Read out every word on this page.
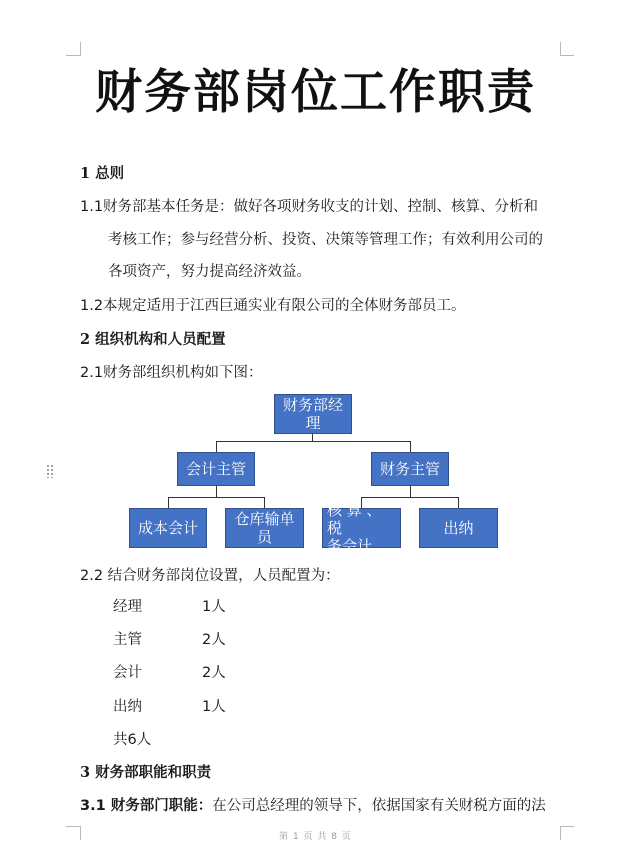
财务部岗位工作职责
1 总则
1.1财务部基本任务是：做好各项财务收支的计划、控制、核算、分析和
考核工作；参与经营分析、投资、决策等管理工作；有效利用公司的
各项资产，努力提高经济效益。
1.2本规定适用于江西巨通实业有限公司的全体财务部员工。
2 组织机构和人员配置
2.1财务部组织机构如下图：
财务部经
理
会计主管	财务主管
成本会计 仓库输单
员
核 算 、 税
务会计
出纳
2.2 结合财务部岗位设置，人员配置为：
经理	1人
主管	2人
会计	2人
出纳	1人
共6人
3 财务部职能和职责
3.1 财务部门职能：在公司总经理的领导下，依据国家有关财税方面的法
第 1 页 共 8 页
